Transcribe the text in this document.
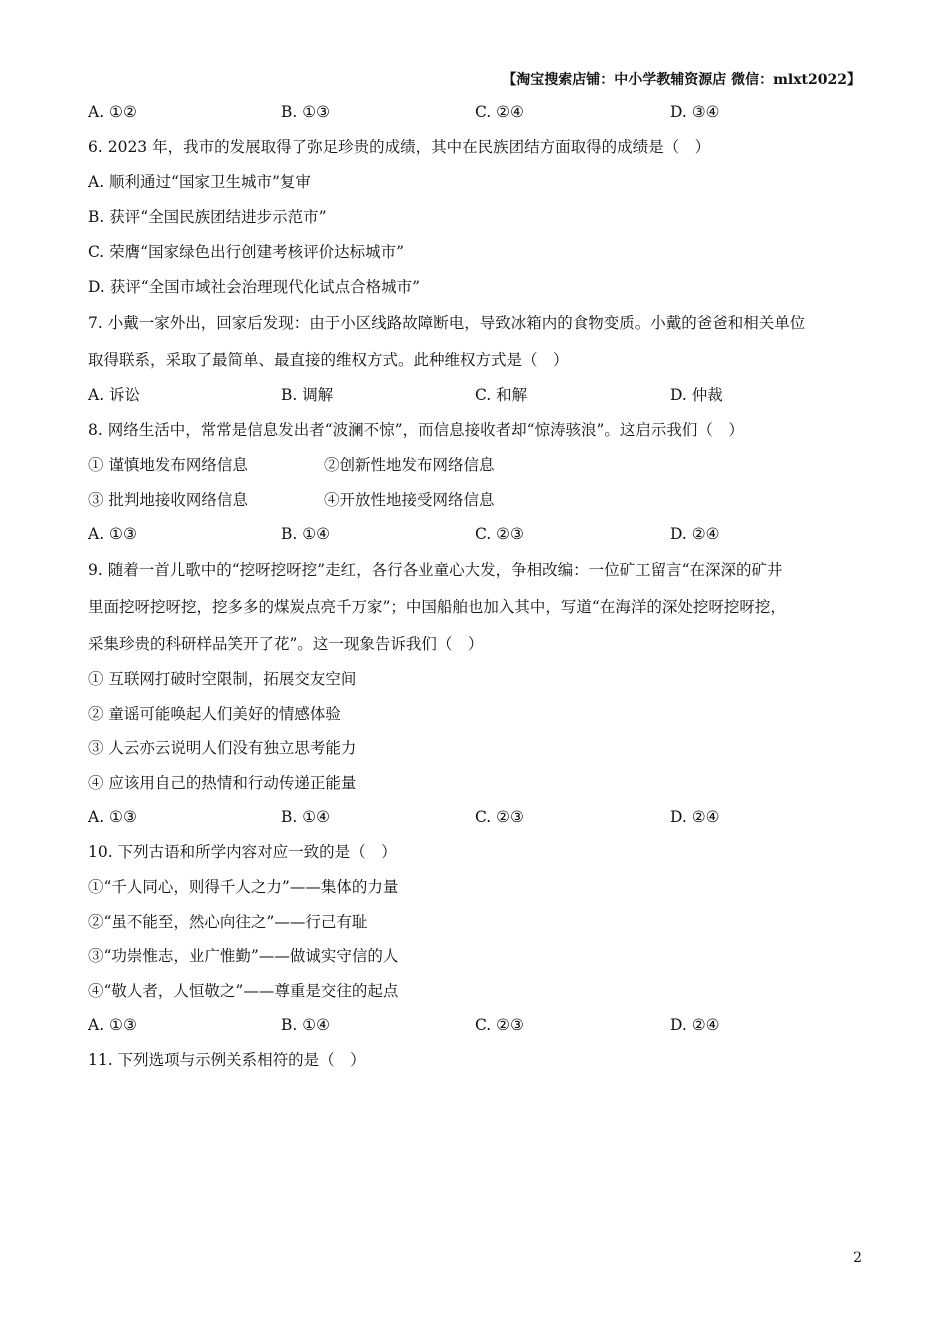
【淘宝搜索店铺：中小学教辅资源店 微信：mlxt2022】
A. ①②	B. ①③	C. ②④	D. ③④
6. 2023 年，我市的发展取得了弥足珍贵的成绩，其中在民族团结方面取得的成绩是（　）
A. 顺利通过“国家卫生城市”复审
B. 获评“全国民族团结进步示范市”
C. 荣膺“国家绿色出行创建考核评价达标城市”
D. 获评“全国市域社会治理现代化试点合格城市”
7. 小戴一家外出，回家后发现：由于小区线路故障断电，导致冰箱内的食物变质。小戴的爸爸和相关单位
取得联系，采取了最简单、最直接的维权方式。此种维权方式是（　）
A. 诉讼	B. 调解	C. 和解	D. 仲裁
8. 网络生活中，常常是信息发出者“波澜不惊”，而信息接收者却“惊涛骇浪”。这启示我们（　）
① 谨慎地发布网络信息	②创新性地发布网络信息
③ 批判地接收网络信息	④开放性地接受网络信息
A. ①③	B. ①④	C. ②③	D. ②④
9. 随着一首儿歌中的“挖呀挖呀挖”走红，各行各业童心大发，争相改编：一位矿工留言“在深深的矿井
里面挖呀挖呀挖，挖多多的煤炭点亮千万家”；中国船舶也加入其中，写道“在海洋的深处挖呀挖呀挖，
采集珍贵的科研样品笑开了花”。这一现象告诉我们（　）
① 互联网打破时空限制，拓展交友空间
② 童谣可能唤起人们美好的情感体验
③ 人云亦云说明人们没有独立思考能力
④ 应该用自己的热情和行动传递正能量
A. ①③	B. ①④	C. ②③	D. ②④
10. 下列古语和所学内容对应一致的是（　）
①“千人同心，则得千人之力”——集体的力量
②“虽不能至，然心向往之”——行己有耻
③“功崇惟志，业广惟勤”——做诚实守信的人
④“敬人者，人恒敬之”——尊重是交往的起点
A. ①③	B. ①④	C. ②③	D. ②④
11. 下列选项与示例关系相符的是（　）
2
